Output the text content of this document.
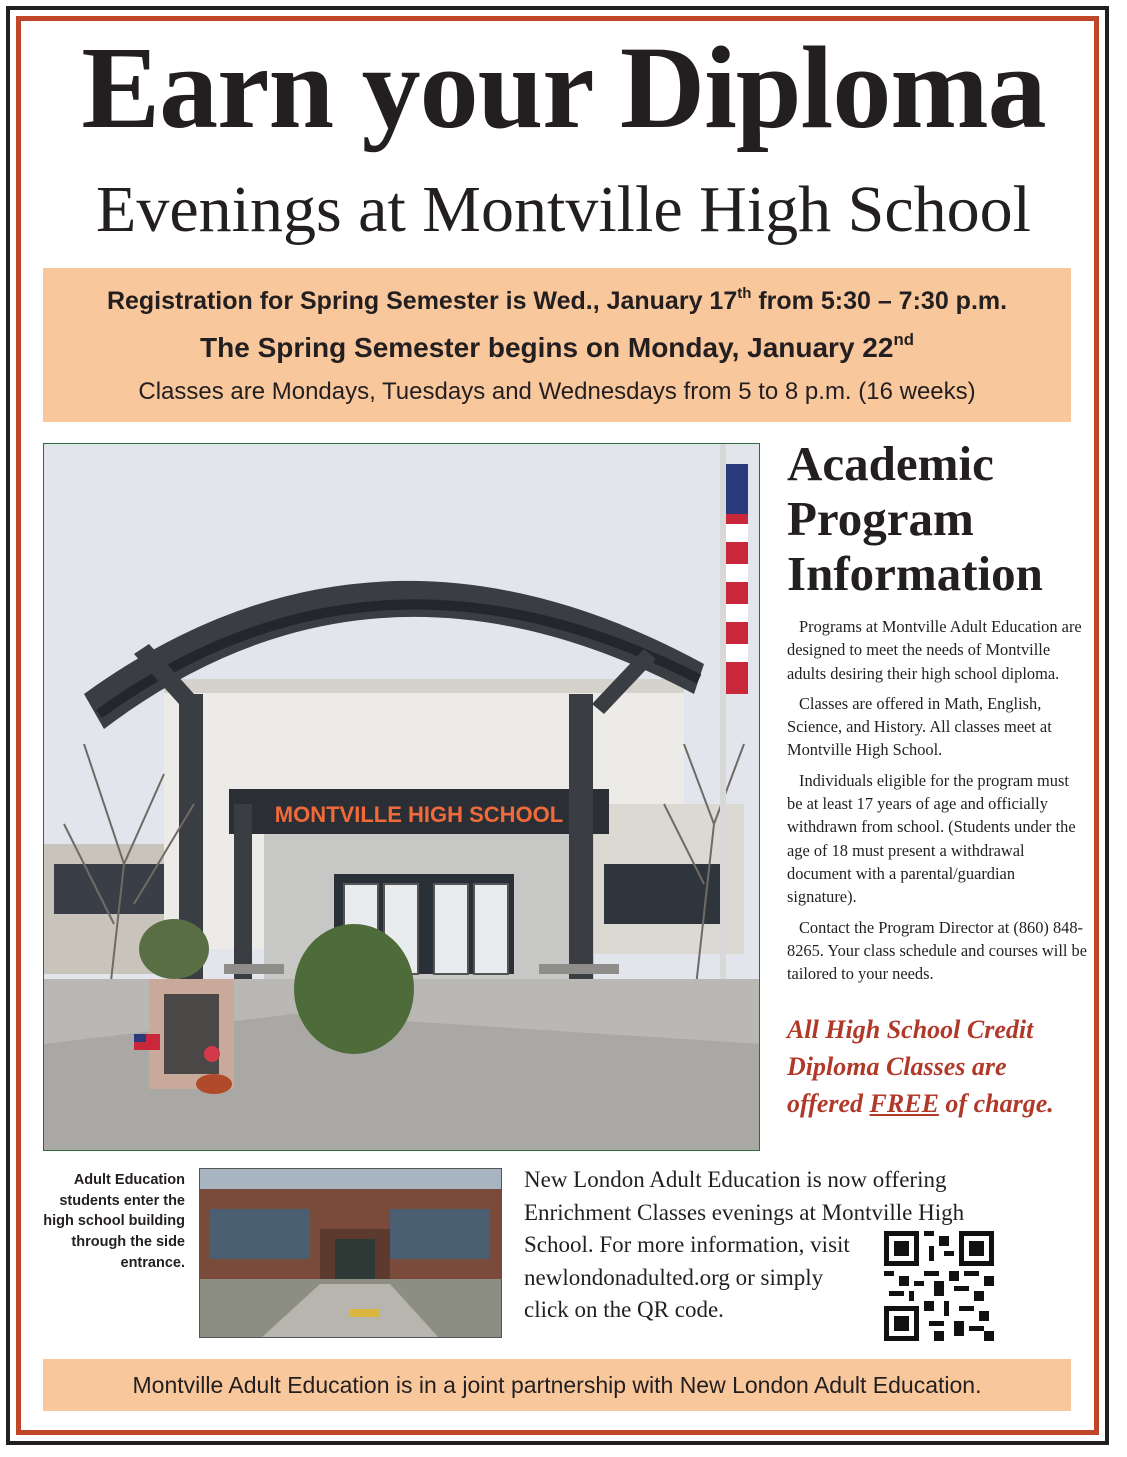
Earn your Diploma
Evenings at Montville High School
Registration for Spring Semester is Wed., January 17th from 5:30 – 7:30 p.m.
The Spring Semester begins on Monday, January 22nd
Classes are Mondays, Tuesdays and Wednesdays from 5 to 8 p.m. (16 weeks)
MONTVILLE HIGH SCHOOL
Academic
Program
Information

Programs at Montville Adult Education are designed to meet the needs of Montville adults desiring their high school diploma.

Classes are offered in Math, English, Science, and History. All classes meet at Montville High School.

Individuals eligible for the program must be at least 17 years of age and officially withdrawn from school. (Students under the age of 18 must present a withdrawal document with a parental/guardian signature).

Contact the Program Director at (860) 848-8265. Your class schedule and courses will be tailored to your needs.

All High School Credit Diploma Classes are offered FREE of charge.
Adult Education students enter the high school building through the side entrance.
New London Adult Education is now offering Enrichment Classes evenings at Montville High
School. For more information, visit newlondonadulted.org or simply click on the QR code.
Montville Adult Education is in a joint partnership with New London Adult Education.
